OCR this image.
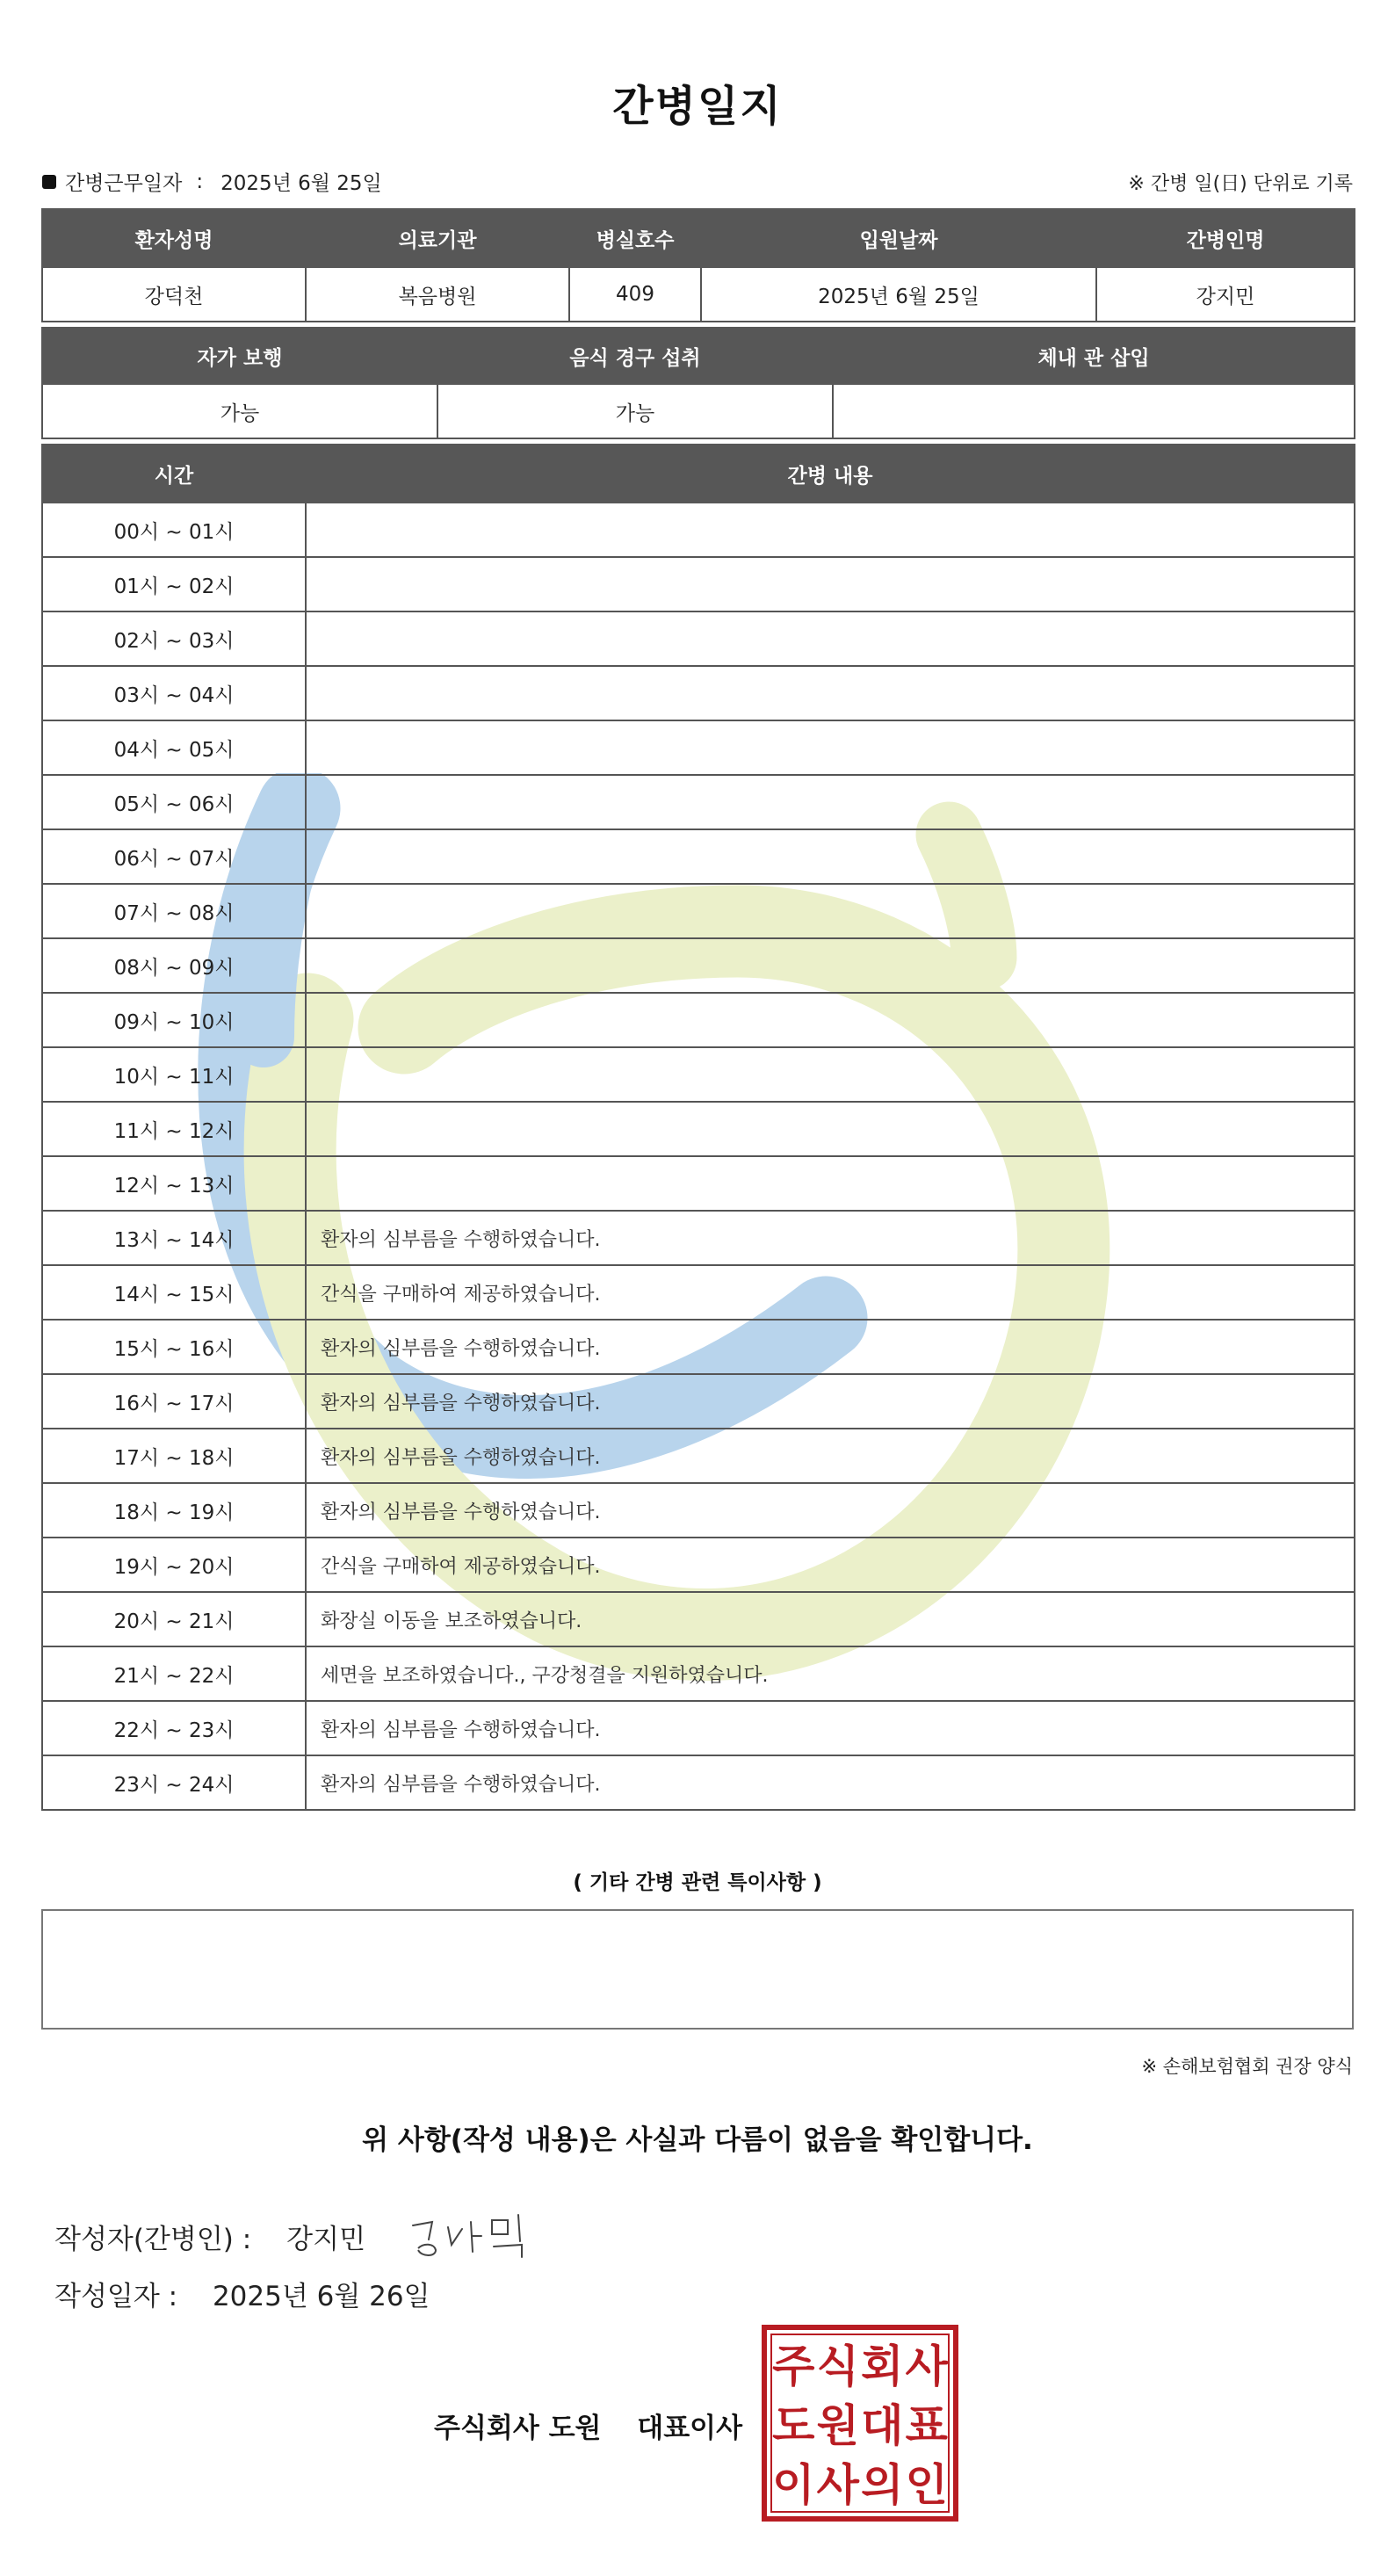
간병일지
간병근무일자 : 2025년 6월 25일	※ 간병 일(日) 단위로 기록
환자성명	의료기관	병실호수	입원날짜	간병인명
강덕천	복음병원	409	2025년 6월 25일	강지민
자가 보행	음식 경구 섭취	체내 관 삽입
가능	가능	
시간	간병 내용
00시 ~ 01시	
01시 ~ 02시	
02시 ~ 03시	
03시 ~ 04시	
04시 ~ 05시	
05시 ~ 06시	
06시 ~ 07시	
07시 ~ 08시	
08시 ~ 09시	
09시 ~ 10시	
10시 ~ 11시	
11시 ~ 12시	
12시 ~ 13시	
13시 ~ 14시	환자의 심부름을 수행하였습니다.
14시 ~ 15시	간식을 구매하여 제공하였습니다.
15시 ~ 16시	환자의 심부름을 수행하였습니다.
16시 ~ 17시	환자의 심부름을 수행하였습니다.
17시 ~ 18시	환자의 심부름을 수행하였습니다.
18시 ~ 19시	환자의 심부름을 수행하였습니다.
19시 ~ 20시	간식을 구매하여 제공하였습니다.
20시 ~ 21시	화장실 이동을 보조하였습니다.
21시 ~ 22시	세면을 보조하였습니다., 구강청결을 지원하였습니다.
22시 ~ 23시	환자의 심부름을 수행하였습니다.
23시 ~ 24시	환자의 심부름을 수행하였습니다.
( 기타 간병 관련 특이사항 )
※ 손해보험협회 권장 양식
위 사항(작성 내용)은 사실과 다름이 없음을 확인합니다.
작성자(간병인) : 강지민
작성일자 : 2025년 6월 26일
주식회사 도원 대표이사
주 식 회 사
도 원 대 표
이 사 의 인
